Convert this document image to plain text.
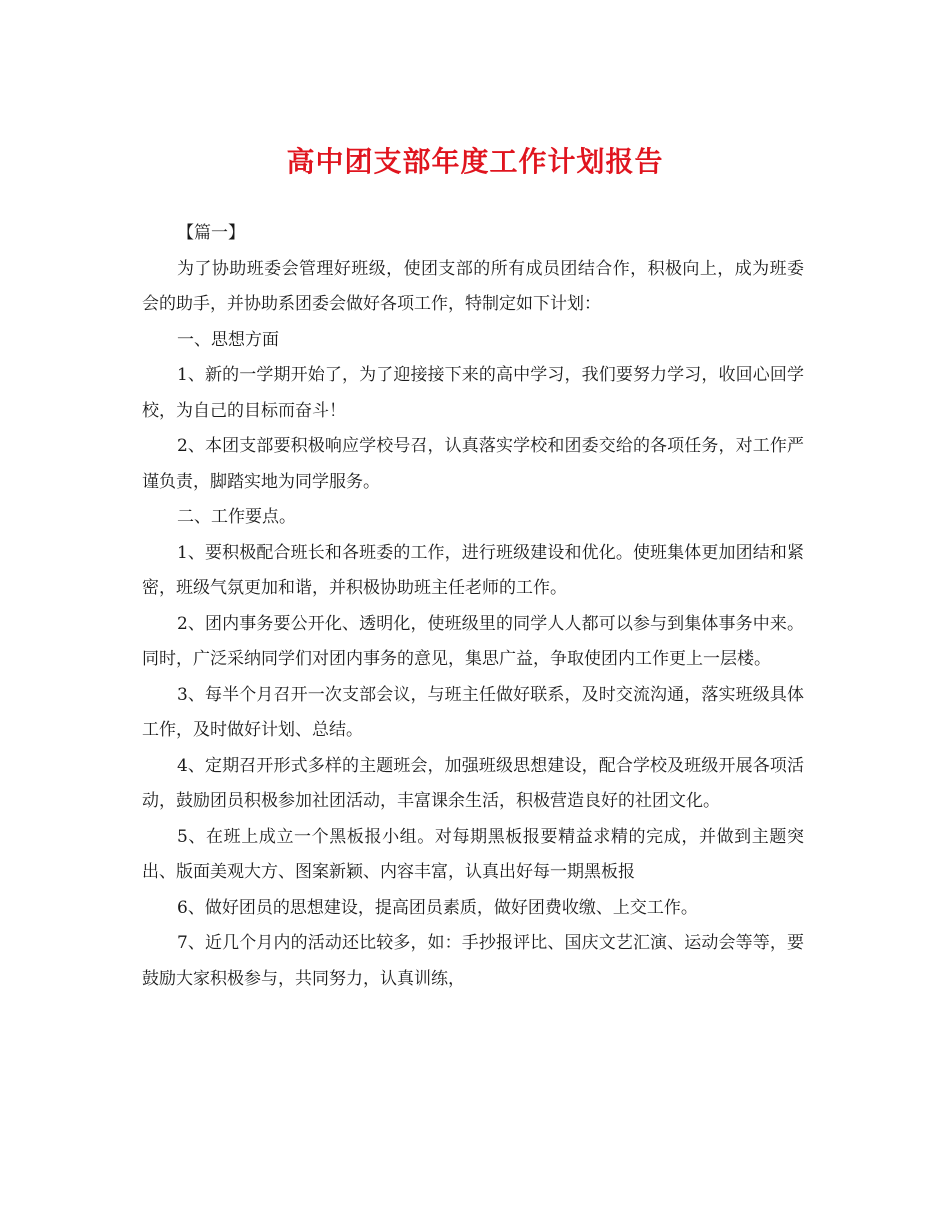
高中团支部年度工作计划报告

【篇一】

为了协助班委会管理好班级，使团支部的所有成员团结合作，积极向上，成为班委会的助手，并协助系团委会做好各项工作，特制定如下计划：

一、思想方面

1、新的一学期开始了，为了迎接接下来的高中学习，我们要努力学习，收回心回学校，为自己的目标而奋斗！

2、本团支部要积极响应学校号召，认真落实学校和团委交给的各项任务，对工作严谨负责，脚踏实地为同学服务。

二、工作要点。

1、要积极配合班长和各班委的工作，进行班级建设和优化。使班集体更加团结和紧密，班级气氛更加和谐，并积极协助班主任老师的工作。

2、团内事务要公开化、透明化，使班级里的同学人人都可以参与到集体事务中来。同时，广泛采纳同学们对团内事务的意见，集思广益，争取使团内工作更上一层楼。

3、每半个月召开一次支部会议，与班主任做好联系，及时交流沟通，落实班级具体工作，及时做好计划、总结。

4、定期召开形式多样的主题班会，加强班级思想建设，配合学校及班级开展各项活动，鼓励团员积极参加社团活动，丰富课余生活，积极营造良好的社团文化。

5、在班上成立一个黑板报小组。对每期黑板报要精益求精的完成，并做到主题突出、版面美观大方、图案新颖、内容丰富，认真出好每一期黑板报

6、做好团员的思想建设，提高团员素质，做好团费收缴、上交工作。

7、近几个月内的活动还比较多，如：手抄报评比、国庆文艺汇演、运动会等等，要鼓励大家积极参与，共同努力，认真训练，
